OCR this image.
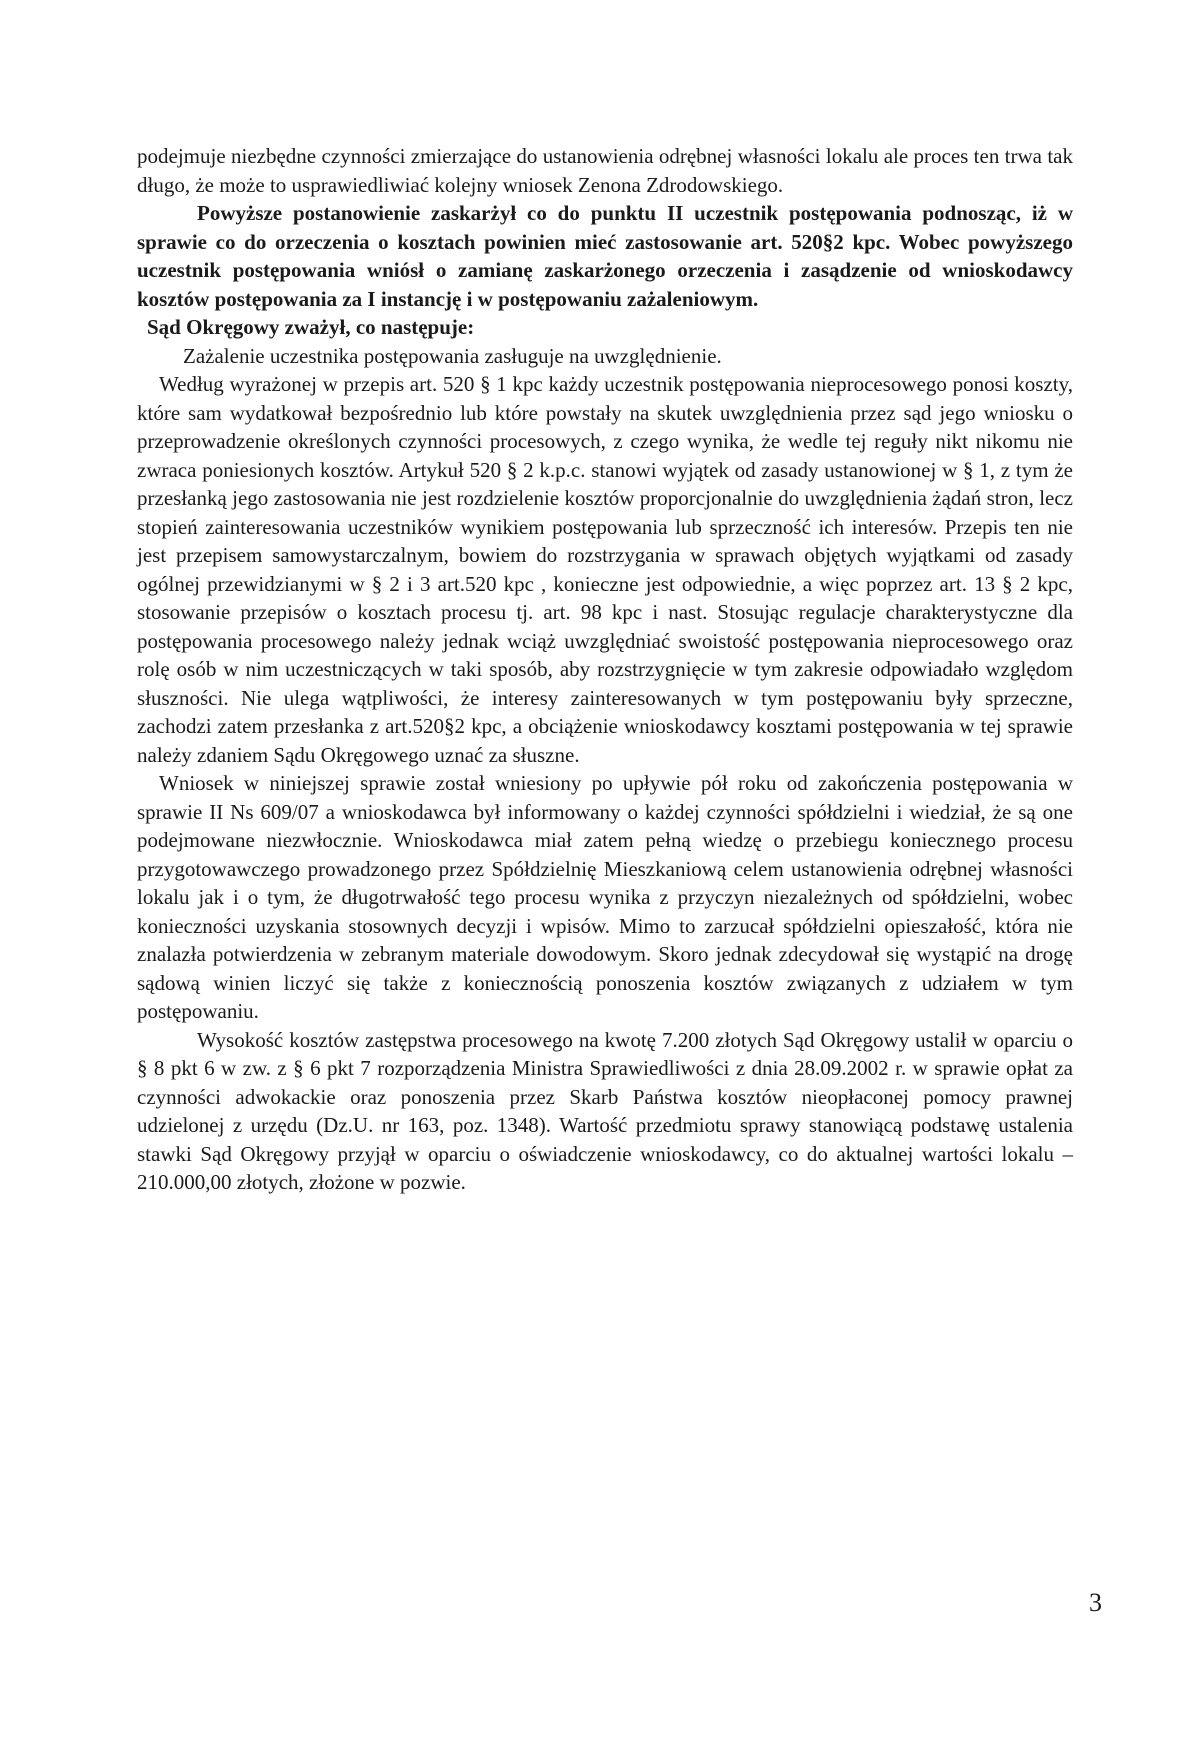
podejmuje niezbędne czynności zmierzające do ustanowienia odrębnej własności lokalu ale proces ten trwa tak długo, że może to usprawiedliwiać kolejny wniosek Zenona Zdrodowskiego.

Powyższe postanowienie zaskarżył co do punktu II uczestnik postępowania podnosząc, iż w sprawie co do orzeczenia o kosztach powinien mieć zastosowanie art. 520§2 kpc. Wobec powyższego uczestnik postępowania wniósł o zamianę zaskarżonego orzeczenia i zasądzenie od wnioskodawcy kosztów postępowania za I instancję i w postępowaniu zażaleniowym.

Sąd Okręgowy zważył, co następuje:

Zażalenie uczestnika postępowania zasługuje na uwzględnienie.

Według wyrażonej w przepis art. 520 § 1 kpc każdy uczestnik postępowania nieprocesowego ponosi koszty, które sam wydatkował bezpośrednio lub które powstały na skutek uwzględnienia przez sąd jego wniosku o przeprowadzenie określonych czynności procesowych, z czego wynika, że wedle tej reguły nikt nikomu nie zwraca poniesionych kosztów. Artykuł 520 § 2 k.p.c. stanowi wyjątek od zasady ustanowionej w § 1, z tym że przesłanką jego zastosowania nie jest rozdzielenie kosztów proporcjonalnie do uwzględnienia żądań stron, lecz stopień zainteresowania uczestników wynikiem postępowania lub sprzeczność ich interesów. Przepis ten nie jest przepisem samowystarczalnym, bowiem do rozstrzygania w sprawach objętych wyjątkami od zasady ogólnej przewidzianymi w § 2 i 3 art.520 kpc , konieczne jest odpowiednie, a więc poprzez art. 13 § 2 kpc, stosowanie przepisów o kosztach procesu tj. art. 98 kpc i nast. Stosując regulacje charakterystyczne dla postępowania procesowego należy jednak wciąż uwzględniać swoistość postępowania nieprocesowego oraz rolę osób w nim uczestniczących w taki sposób, aby rozstrzygnięcie w tym zakresie odpowiadało względom słuszności. Nie ulega wątpliwości, że interesy zainteresowanych w tym postępowaniu były sprzeczne, zachodzi zatem przesłanka z art.520§2 kpc, a obciążenie wnioskodawcy kosztami postępowania w tej sprawie należy zdaniem Sądu Okręgowego uznać za słuszne.

Wniosek w niniejszej sprawie został wniesiony po upływie pół roku od zakończenia postępowania w sprawie II Ns 609/07 a wnioskodawca był informowany o każdej czynności spółdzielni i wiedział, że są one podejmowane niezwłocznie. Wnioskodawca miał zatem pełną wiedzę o przebiegu koniecznego procesu przygotowawczego prowadzonego przez Spółdzielnię Mieszkaniową celem ustanowienia odrębnej własności lokalu jak i o tym, że długotrwałość tego procesu wynika z przyczyn niezależnych od spółdzielni, wobec konieczności uzyskania stosownych decyzji i wpisów. Mimo to zarzucał spółdzielni opieszałość, która nie znalazła potwierdzenia w zebranym materiale dowodowym. Skoro jednak zdecydował się wystąpić na drogę sądową winien liczyć się także z koniecznością ponoszenia kosztów związanych z udziałem w tym postępowaniu.

Wysokość kosztów zastępstwa procesowego na kwotę 7.200 złotych Sąd Okręgowy ustalił w oparciu o § 8 pkt 6 w zw. z § 6 pkt 7 rozporządzenia Ministra Sprawiedliwości z dnia 28.09.2002 r. w sprawie opłat za czynności adwokackie oraz ponoszenia przez Skarb Państwa kosztów nieopłaconej pomocy prawnej udzielonej z urzędu (Dz.U. nr 163, poz. 1348). Wartość przedmiotu sprawy stanowiącą podstawę ustalenia stawki Sąd Okręgowy przyjął w oparciu o oświadczenie wnioskodawcy, co do aktualnej wartości lokalu – 210.000,00 złotych, złożone w pozwie.

3
